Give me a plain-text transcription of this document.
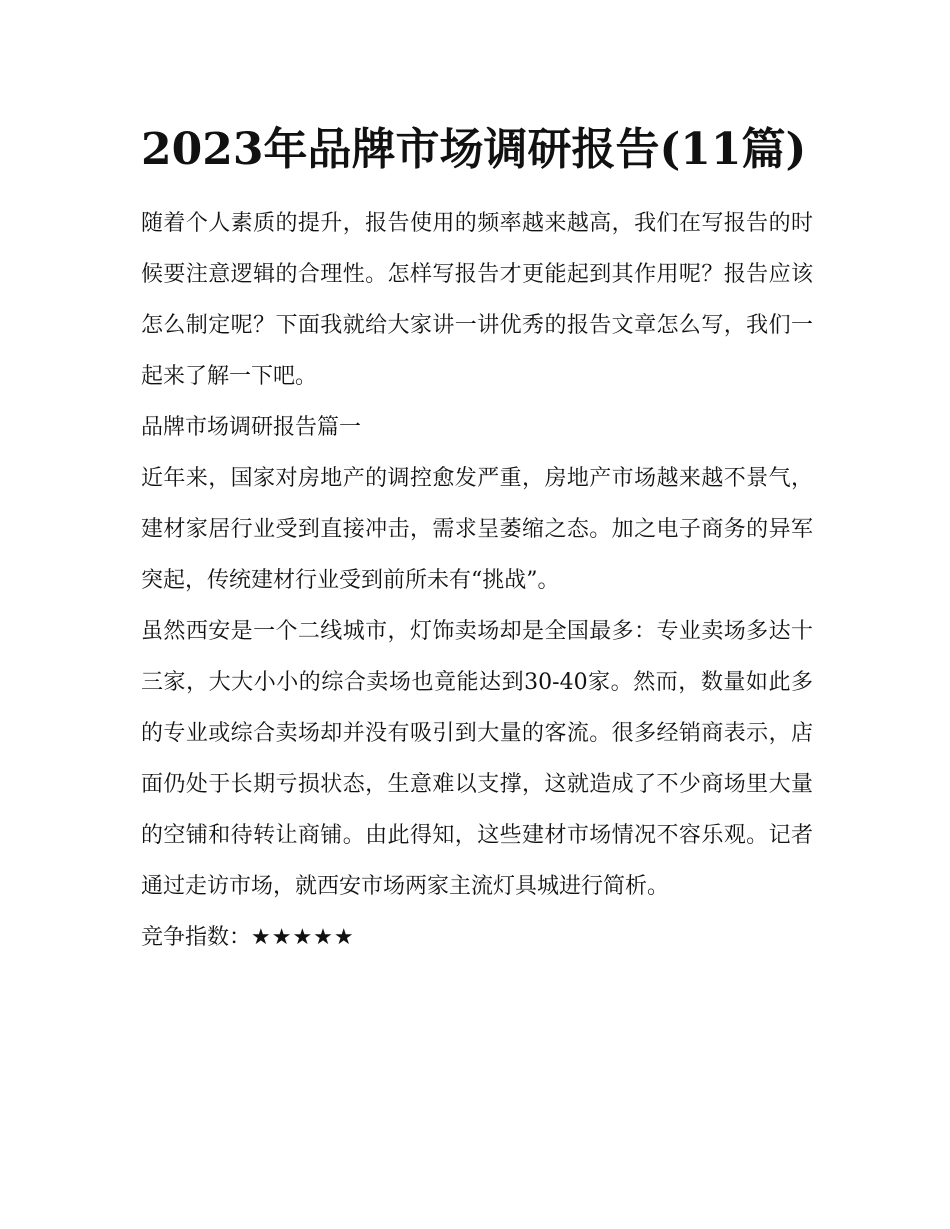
2023年品牌市场调研报告(11篇)

随着个人素质的提升，报告使用的频率越来越高，我们在写报告的时候要注意逻辑的合理性。怎样写报告才更能起到其作用呢？报告应该怎么制定呢？下面我就给大家讲一讲优秀的报告文章怎么写，我们一起来了解一下吧。

品牌市场调研报告篇一

近年来，国家对房地产的调控愈发严重，房地产市场越来越不景气，建材家居行业受到直接冲击，需求呈萎缩之态。加之电子商务的异军突起，传统建材行业受到前所未有“挑战”。

虽然西安是一个二线城市，灯饰卖场却是全国最多：专业卖场多达十三家，大大小小的综合卖场也竟能达到30-40家。然而，数量如此多的专业或综合卖场却并没有吸引到大量的客流。很多经销商表示，店面仍处于长期亏损状态，生意难以支撑，这就造成了不少商场里大量的空铺和待转让商铺。由此得知，这些建材市场情况不容乐观。记者通过走访市场，就西安市场两家主流灯具城进行简析。

竞争指数：★★★★★
